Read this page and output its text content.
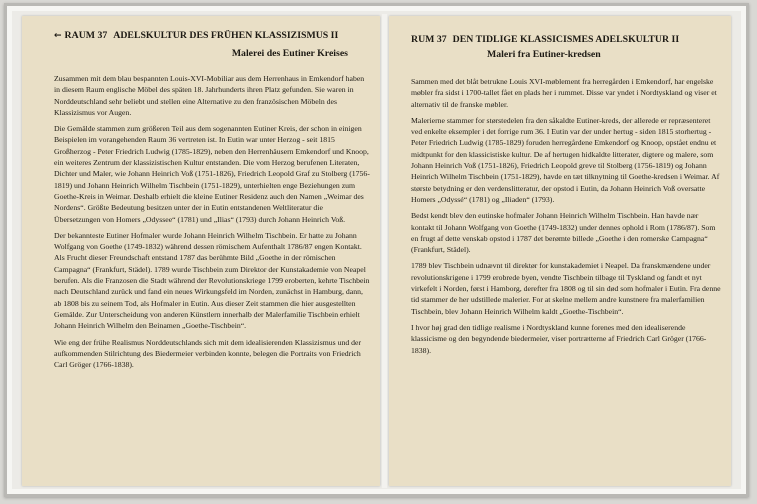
← RAUM 37 ADELSKULTUR DES FRÜHEN KLASSIZISMUS II
Malerei des Eutiner Kreises

Zusammen mit dem blau bespannten Louis-XVI-Mobiliar aus dem Herrenhaus in Emkendorf haben in diesem Raum englische Möbel des späten 18. Jahrhunderts ihren Platz gefunden. Sie waren in Norddeutschland sehr beliebt und stellen eine Alternative zu den französischen Möbeln des Klassizismus vor Augen.

Die Gemälde stammen zum größeren Teil aus dem sogenannten Eutiner Kreis, der schon in einigen Beispielen im vorangehenden Raum 36 vertreten ist. In Eutin war unter Herzog - seit 1815 Großherzog - Peter Friedrich Ludwig (1785-1829), neben den Herrenhäusern Emkendorf und Knoop, ein weiteres Zentrum der klassizistischen Kultur entstanden. Die vom Herzog berufenen Literaten, Dichter und Maler, wie Johann Heinrich Voß (1751-1826), Friedrich Leopold Graf zu Stolberg (1756-1819) und Johann Heinrich Wilhelm Tischbein (1751-1829), unterhielten enge Beziehungen zum Goethe-Kreis in Weimar. Deshalb erhielt die kleine Eutiner Residenz auch den Namen „Weimar des Nordens“. Größte Bedeutung besitzen unter der in Eutin entstandenen Weltliteratur die Übersetzungen von Homers „Odyssee“ (1781) und „Ilias“ (1793) durch Johann Heinrich Voß.

Der bekannteste Eutiner Hofmaler wurde Johann Heinrich Wilhelm Tischbein. Er hatte zu Johann Wolfgang von Goethe (1749-1832) während dessen römischem Aufenthalt 1786/87 engen Kontakt. Als Frucht dieser Freundschaft entstand 1787 das berühmte Bild „Goethe in der römischen Campagna“ (Frankfurt, Städel). 1789 wurde Tischbein zum Direktor der Kunstakademie von Neapel berufen. Als die Franzosen die Stadt während der Revolutionskriege 1799 eroberten, kehrte Tischbein nach Deutschland zurück und fand ein neues Wirkungsfeld im Norden, zunächst in Hamburg, dann, ab 1808 bis zu seinem Tod, als Hofmaler in Eutin. Aus dieser Zeit stammen die hier ausgestellten Gemälde. Zur Unterscheidung von anderen Künstlern innerhalb der Malerfamilie Tischbein erhielt Johann Heinrich Wilhelm den Beinamen „Goethe-Tischbein“.

Wie eng der frühe Realismus Norddeutschlands sich mit dem idealisierenden Klassizismus und der aufkommenden Stilrichtung des Biedermeier verbinden konnte, belegen die Portraits von Friedrich Carl Gröger (1766-1838).

RUM 37 DEN TIDLIGE KLASSICISMES ADELSKULTUR II
Maleri fra Eutiner-kredsen

Sammen med det blåt betrukne Louis XVI-møblement fra herregården i Emkendorf, har engelske møbler fra sidst i 1700-tallet fået en plads her i rummet. Disse var yndet i Nordtyskland og viser et alternativ til de franske møbler.

Malerierne stammer for størstedelen fra den såkaldte Eutiner-kreds, der allerede er repræsenteret ved enkelte eksempler i det forrige rum 36. I Eutin var der under hertug - siden 1815 storhertug - Peter Friedrich Ludwig (1785-1829) foruden herregårdene Emkendorf og Knoop, opstået endnu et midtpunkt for den klassicistiske kultur. De af hertugen hidkaldte litterater, digtere og malere, som Johann Heinrich Voß (1751-1826), Friedrich Leopold greve til Stolberg (1756-1819) og Johann Heinrich Wilhelm Tischbein (1751-1829), havde en tæt tilknytning til Goethe-kredsen i Weimar. Af største betydning er den verdenslitteratur, der opstod i Eutin, da Johann Heinrich Voß oversatte Homers „Odyssé“ (1781) og „Iliaden“ (1793).

Bedst kendt blev den eutinske hofmaler Johann Heinrich Wilhelm Tischbein. Han havde nær kontakt til Johann Wolfgang von Goethe (1749-1832) under dennes ophold i Rom (1786/87). Som en frugt af dette venskab opstod i 1787 det berømte billede „Goethe i den romerske Campagna“ (Frankfurt, Städel).

1789 blev Tischbein udnævnt til direktør for kunstakademiet i Neapel. Da franskmændene under revolutionskrigene i 1799 erobrede byen, vendte Tischbein tilbage til Tyskland og fandt et nyt virkefelt i Norden, først i Hamborg, derefter fra 1808 og til sin død som hofmaler i Eutin. Fra denne tid stammer de her udstillede malerier. For at skelne mellem andre kunstnere fra malerfamilien Tischbein, blev Johann Heinrich Wilhelm kaldt „Goethe-Tischbein“.

I hvor høj grad den tidlige realisme i Nordtyskland kunne forenes med den idealiserende klassicisme og den begyndende biedermeier, viser portrætterne af Friedrich Carl Gröger (1766-1838).
